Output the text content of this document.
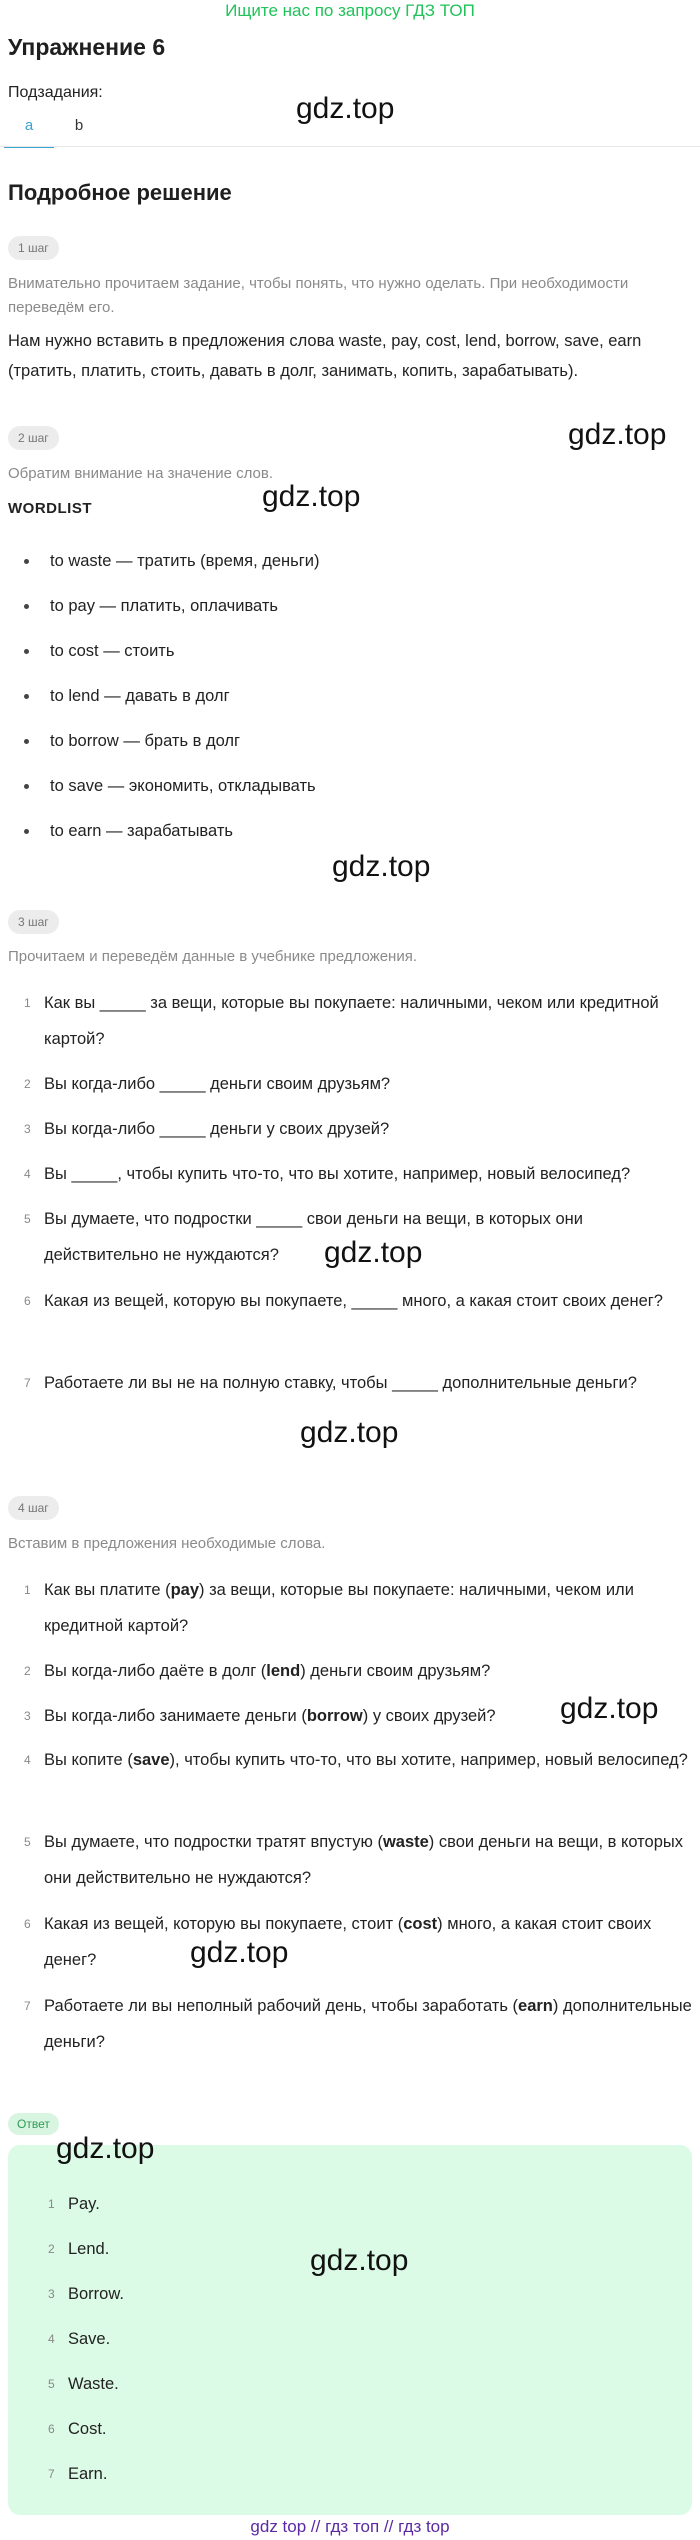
Ищите нас по запросу ГДЗ ТОП
Упражнение 6
Подзадания:
a	b
Подробное решение
1 шаг
Внимательно прочитаем задание, чтобы понять, что нужно оделать. При необходимости переведём его.
Нам нужно вставить в предложения слова waste, pay, cost, lend, borrow, save, earn (тратить, платить, стоить, давать в долг, занимать, копить, зарабатывать).
2 шаг
Обратим внимание на значение слов.
WORDLIST
to waste — тратить (время, деньги)
to pay — платить, оплачивать
to cost — стоить
to lend — давать в долг
to borrow — брать в долг
to save — экономить, откладывать
to earn — зарабатывать
3 шаг
Прочитаем и переведём данные в учебнике предложения.
1 Как вы _____ за вещи, которые вы покупаете: наличными, чеком или кредитной картой?
2 Вы когда-либо _____ деньги своим друзьям?
3 Вы когда-либо _____ деньги у своих друзей?
4 Вы _____, чтобы купить что-то, что вы хотите, например, новый велосипед?
5 Вы думаете, что подростки _____ свои деньги на вещи, в которых они действительно не нуждаются?
6 Какая из вещей, которую вы покупаете, _____ много, а какая стоит своих денег?
7 Работаете ли вы не на полную ставку, чтобы _____ дополнительные деньги?
4 шаг
Вставим в предложения необходимые слова.
1 Как вы платите (pay) за вещи, которые вы покупаете: наличными, чеком или кредитной картой?
2 Вы когда-либо даёте в долг (lend) деньги своим друзьям?
3 Вы когда-либо занимаете деньги (borrow) у своих друзей?
4 Вы копите (save), чтобы купить что-то, что вы хотите, например, новый велосипед?
5 Вы думаете, что подростки тратят впустую (waste) свои деньги на вещи, в которых они действительно не нуждаются?
6 Какая из вещей, которую вы покупаете, стоит (cost) много, а какая стоит своих денег?
7 Работаете ли вы неполный рабочий день, чтобы заработать (earn) дополнительные деньги?
Ответ
1 Pay.
2 Lend.
3 Borrow.
4 Save.
5 Waste.
6 Cost.
7 Earn.
gdz.top
gdz.top
gdz.top
gdz.top
gdz.top
gdz.top
gdz.top
gdz.top
gdz.top
gdz.top
gdz top // гдз топ // гдз top
